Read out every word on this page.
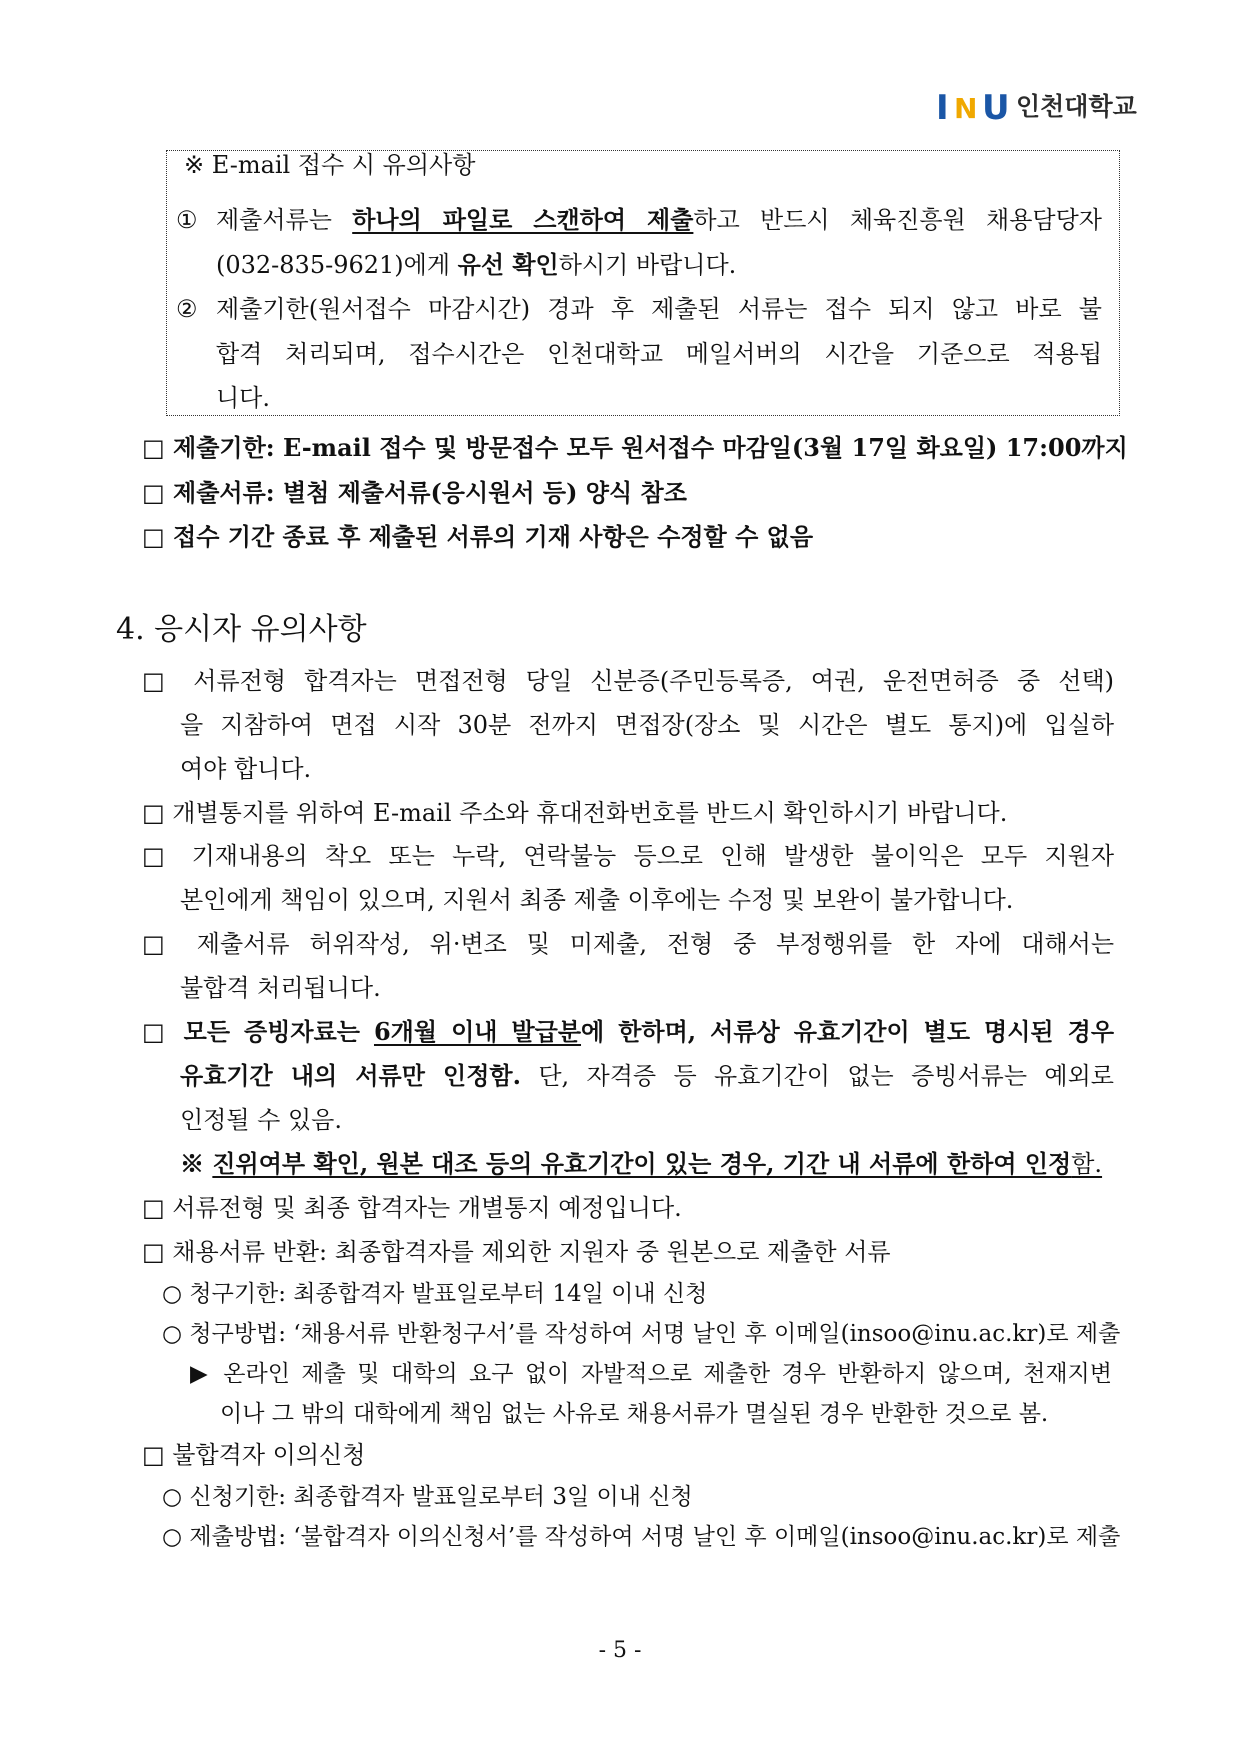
I N U 인천대학교
※ E-mail 접수 시 유의사항
① 제출서류는 하나의 파일로 스캔하여 제출하고 반드시 체육진흥원 채용담당자
(032-835-9621)에게 유선 확인하시기 바랍니다.
② 제출기한(원서접수 마감시간) 경과 후 제출된 서류는 접수 되지 않고 바로 불
합격 처리되며, 접수시간은 인천대학교 메일서버의 시간을 기준으로 적용됩
니다.
□ 제출기한: E-mail 접수 및 방문접수 모두 원서접수 마감일(3월 17일 화요일) 17:00까지
□ 제출서류: 별첨 제출서류(응시원서 등) 양식 참조
□ 접수 기간 종료 후 제출된 서류의 기재 사항은 수정할 수 없음
4. 응시자 유의사항
□ 서류전형 합격자는 면접전형 당일 신분증(주민등록증, 여권, 운전면허증 중 선택)
을 지참하여 면접 시작 30분 전까지 면접장(장소 및 시간은 별도 통지)에 입실하
여야 합니다.
□ 개별통지를 위하여 E-mail 주소와 휴대전화번호를 반드시 확인하시기 바랍니다.
□ 기재내용의 착오 또는 누락, 연락불능 등으로 인해 발생한 불이익은 모두 지원자
본인에게 책임이 있으며, 지원서 최종 제출 이후에는 수정 및 보완이 불가합니다.
□ 제출서류 허위작성, 위·변조 및 미제출, 전형 중 부정행위를 한 자에 대해서는
불합격 처리됩니다.
□ 모든 증빙자료는 6개월 이내 발급분에 한하며, 서류상 유효기간이 별도 명시된 경우
유효기간 내의 서류만 인정함. 단, 자격증 등 유효기간이 없는 증빙서류는 예외로
인정될 수 있음.
※ 진위여부 확인, 원본 대조 등의 유효기간이 있는 경우, 기간 내 서류에 한하여 인정함.
□ 서류전형 및 최종 합격자는 개별통지 예정입니다.
□ 채용서류 반환: 최종합격자를 제외한 지원자 중 원본으로 제출한 서류
○ 청구기한: 최종합격자 발표일로부터 14일 이내 신청
○ 청구방법: ‘채용서류 반환청구서’를 작성하여 서명 날인 후 이메일(insoo@inu.ac.kr)로 제출
▶ 온라인 제출 및 대학의 요구 없이 자발적으로 제출한 경우 반환하지 않으며, 천재지변
이나 그 밖의 대학에게 책임 없는 사유로 채용서류가 멸실된 경우 반환한 것으로 봄.
□ 불합격자 이의신청
○ 신청기한: 최종합격자 발표일로부터 3일 이내 신청
○ 제출방법: ‘불합격자 이의신청서’를 작성하여 서명 날인 후 이메일(insoo@inu.ac.kr)로 제출
- 5 -
